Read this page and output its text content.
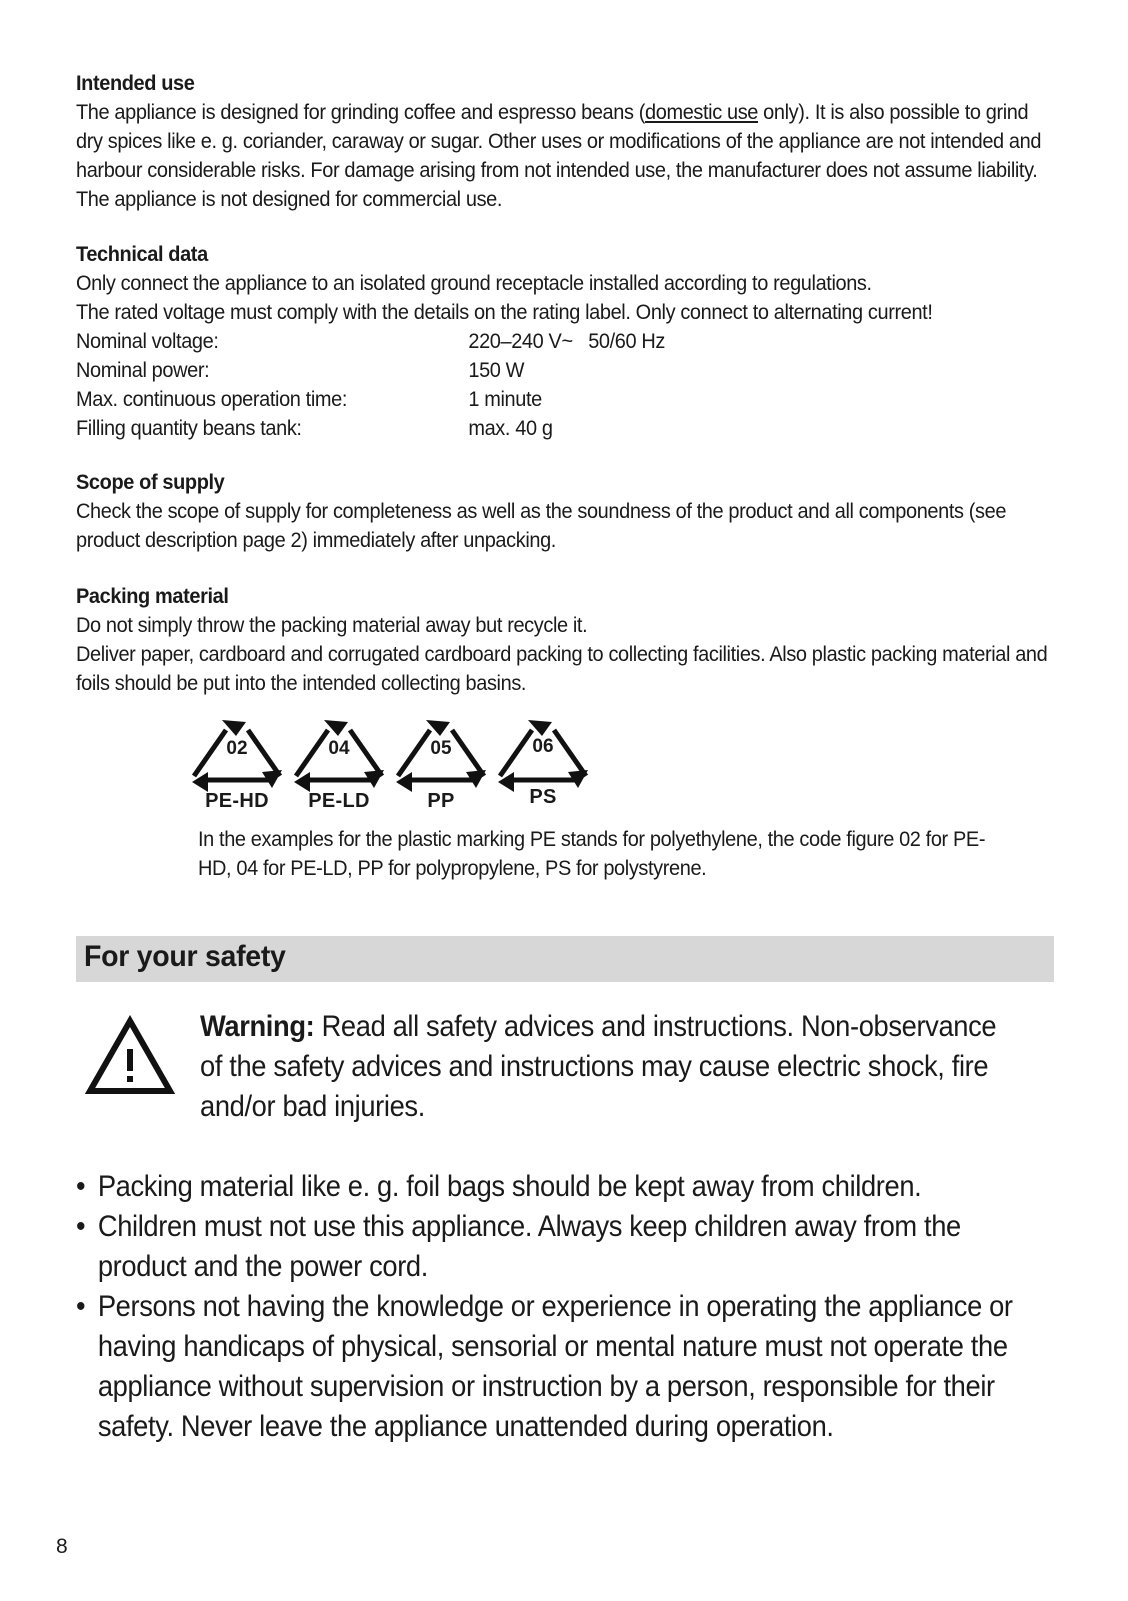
Intended use
The appliance is designed for grinding coffee and espresso beans (domestic use only). It is also possible to grind dry spices like e. g. coriander, caraway or sugar. Other uses or modifications of the appliance are not intended and harbour considerable risks. For damage arising from not intended use, the manufacturer does not assume liability. The appliance is not designed for commercial use.
Technical data
Only connect the appliance to an isolated ground receptacle installed according to regulations.
The rated voltage must comply with the details on the rating label. Only connect to alternating current!
Nominal voltage:	220–240 V~   50/60 Hz
Nominal power:	150 W
Max. continuous operation time:	1 minute
Filling quantity beans tank:	max. 40 g
Scope of supply
Check the scope of supply for completeness as well as the soundness of the product and all components (see product description page 2) immediately after unpacking.
Packing material
Do not simply throw the packing material away but recycle it.
Deliver paper, cardboard and corrugated cardboard packing to collecting facilities. Also plastic packing material and foils should be put into the intended collecting basins.
02
PE-HD
04
PE-LD
05
PP
06
PS
In the examples for the plastic marking PE stands for polyethylene, the code figure 02 for PE-HD, 04 for PE-LD, PP for polypropylene, PS for polystyrene.
For your safety
Warning: Read all safety advices and instructions. Non-observance of the safety advices and instructions may cause electric shock, fire and/or bad injuries.
• Packing material like e. g. foil bags should be kept away from children.
• Children must not use this appliance. Always keep children away from the product and the power cord.
• Persons not having the knowledge or experience in operating the appliance or having handicaps of physical, sensorial or mental nature must not operate the appliance without supervision or instruction by a person, responsible for their safety. Never leave the appliance unattended during operation.
8
